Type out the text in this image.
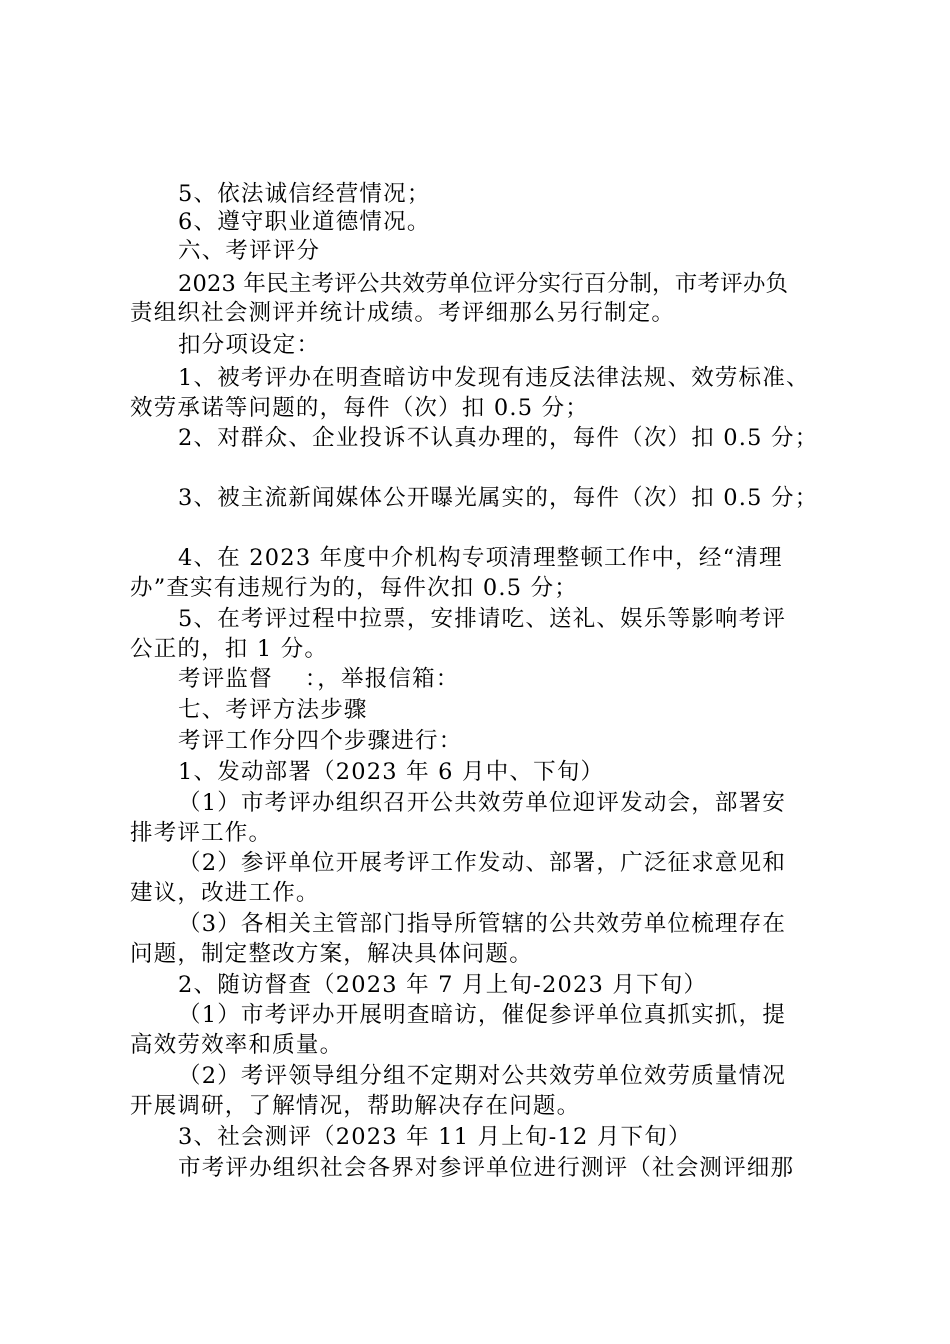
5、依法诚信经营情况；
6、遵守职业道德情况。
六、考评评分
2023 年民主考评公共效劳单位评分实行百分制，市考评办负
责组织社会测评并统计成绩。考评细那么另行制定。
扣分项设定：
1、被考评办在明查暗访中发现有违反法律法规、效劳标准、
效劳承诺等问题的，每件（次）扣 0.5 分；
2、对群众、企业投诉不认真办理的，每件（次）扣 0.5 分；
3、被主流新闻媒体公开曝光属实的，每件（次）扣 0.5 分；
4、在 2023 年度中介机构专项清理整顿工作中，经“清理
办”查实有违规行为的，每件次扣 0.5 分；
5、在考评过程中拉票，安排请吃、送礼、娱乐等影响考评
公正的，扣 1 分。
考评监督　 ：，举报信箱：
七、考评方法步骤
考评工作分四个步骤进行：
1、发动部署（2023 年 6 月中、下旬）
（1）市考评办组织召开公共效劳单位迎评发动会，部署安
排考评工作。
（2）参评单位开展考评工作发动、部署，广泛征求意见和
建议，改进工作。
（3）各相关主管部门指导所管辖的公共效劳单位梳理存在
问题，制定整改方案，解决具体问题。
2、随访督查（2023 年 7 月上旬-2023 月下旬）
（1）市考评办开展明查暗访，催促参评单位真抓实抓，提
高效劳效率和质量。
（2）考评领导组分组不定期对公共效劳单位效劳质量情况
开展调研，了解情况，帮助解决存在问题。
3、社会测评（2023 年 11 月上旬-12 月下旬）
市考评办组织社会各界对参评单位进行测评（社会测评细那
